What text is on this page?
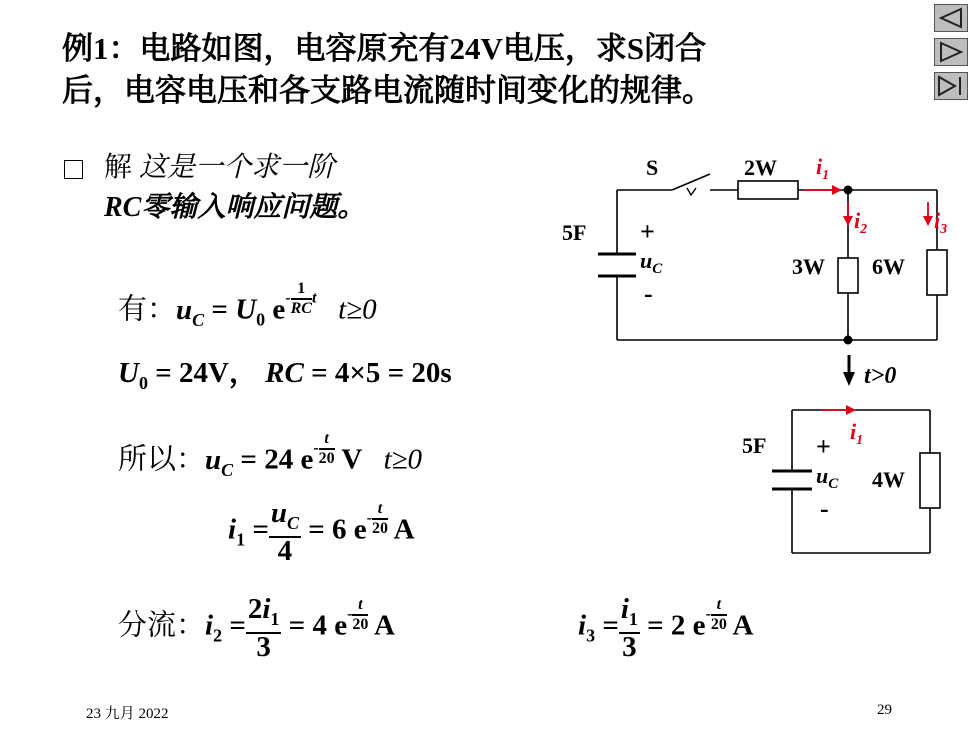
例1：电路如图，电容原充有24V电压，求S闭合
后，电容电压和各支路电流随时间变化的规律。
解 这是一个求一阶
RC零输入响应问题。
有：$u_C = U_0$ $e- \frac{1}{RC}$ t t≥0
$U_0 = 24V$， RC = 4×5 = 20s
所以：$u_C = 24$ $e- \frac{t}{20}$ V   t≥0
$i_1 = \frac{u_C}{4} = 6$ $e- \frac{t}{20}$ A
分流：$i_2 = \frac{2i_1}{3} = 4$ $e- \frac{t}{20}$ A	$i_3 = \frac{i_1}{3} = 2$ $e- \frac{t}{20}$ A
S	2W
5F +
$u_C$
-
3W 6W
$i_1$
$i_2$	$i_3$
t>0
$i_1$
5F +
$u_C$
-
4W
23 九月 2022	29
